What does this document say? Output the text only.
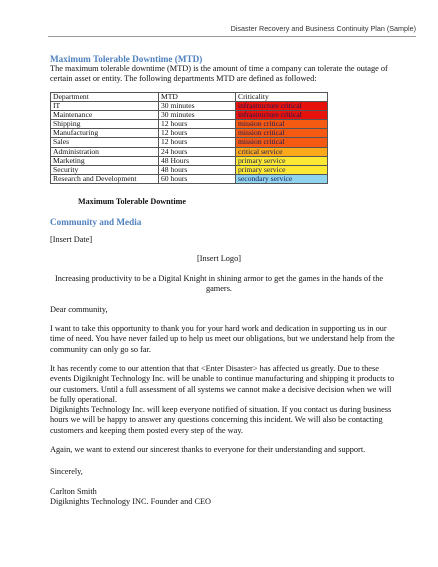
Disaster Recovery and Business Continuity Plan (Sample)
Maximum Tolerable Downtime (MTD)
The maximum tolerable downtime (MTD) is the amount of time a company can tolerate the outage of certain asset or entity. The following departments MTD are defined as followed:
Department	MTD	Criticality
IT	30 minutes	infrastructure critical
Maintenance	30 minutes	infrastructure critical
Shipping	12 hours	mission critical
Manufacturing	12 hours	mission critical
Sales	12 hours	mission critical
Administration	24 hours	critical service
Marketing	48 Hours	primary service
Security	48 hours	primary service
Research and Development	60 hours	secondary service
Maximum Tolerable Downtime
Community and Media
[Insert Date]
[Insert Logo]
Increasing productivity to be a Digital Knight in shining armor to get the games in the hands of the gamers.
Dear community,
I want to take this opportunity to thank you for your hard work and dedication in supporting us in our time of need. You have never failed up to help us meet our obligations, but we understand help from the community can only go so far.
It has recently come to our attention that that <Enter Disaster> has affected us greatly. Due to these events Digiknight Technology Inc. will be unable to continue manufacturing and shipping it products to our customers. Until a full assessment of all systems we cannot make a decisive decision when we will be fully operational.
Digiknights Technology Inc. will keep everyone notified of situation. If you contact us during business hours we will be happy to answer any questions concerning this incident. We will also be contacting customers and keeping them posted every step of the way.
Again, we want to extend our sincerest thanks to everyone for their understanding and support.
Sincerely,
Carlton Smith
Digiknights Technology INC. Founder and CEO
